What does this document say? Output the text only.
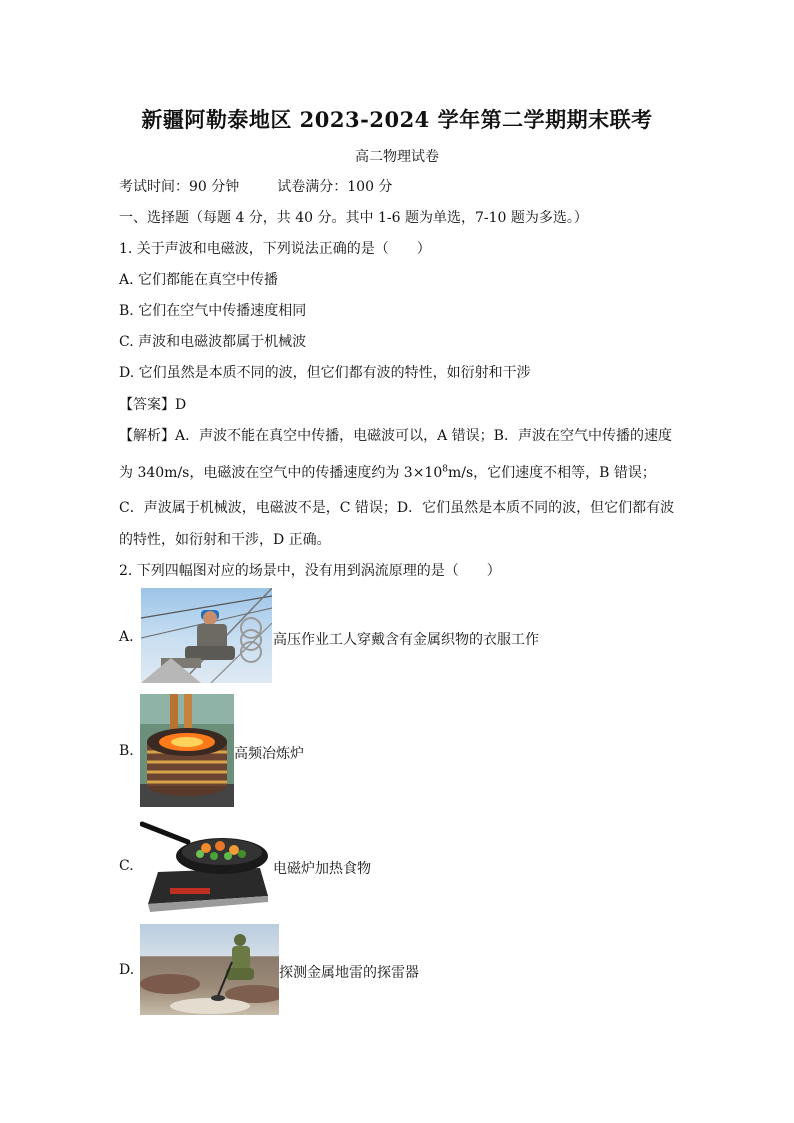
新疆阿勒泰地区 2023-2024 学年第二学期期末联考
高二物理试卷
考试时间：90 分钟	试卷满分：100 分
一、选择题（每题 4 分，共 40 分。其中 1-6 题为单选，7-10 题为多选。）
1. 关于声波和电磁波，下列说法正确的是（　　）
A. 它们都能在真空中传播
B. 它们在空气中传播速度相同
C. 声波和电磁波都属于机械波
D. 它们虽然是本质不同的波，但它们都有波的特性，如衍射和干涉
【答案】D
【解析】A．声波不能在真空中传播，电磁波可以，A 错误；B．声波在空气中传播的速度
为 340m/s，电磁波在空气中的传播速度约为 $3\times 10^8m/s$，它们速度不相等，B 错误；
C．声波属于机械波，电磁波不是，C 错误；D．它们虽然是本质不同的波，但它们都有波
的特性，如衍射和干涉，D 正确。
2. 下列四幅图对应的场景中，没有用到涡流原理的是（　　）
A.	高压作业工人穿戴含有金属织物的衣服工作
B.	高频冶炼炉
C.	电磁炉加热食物
D.	探测金属地雷的探雷器
